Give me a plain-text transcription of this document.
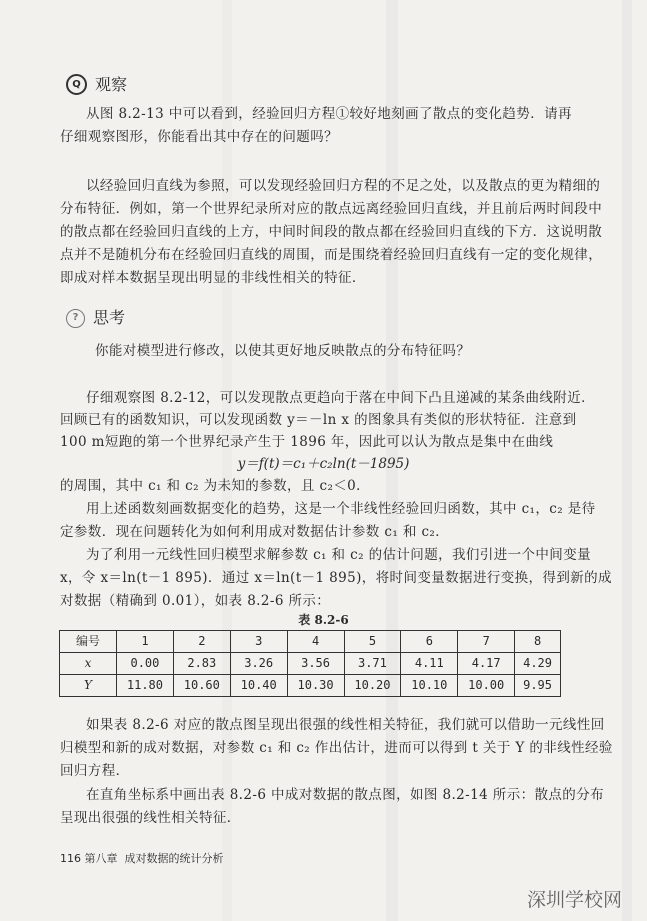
Q 观察
从图 8.2-13 中可以看到，经验回归方程①较好地刻画了散点的变化趋势．请再
仔细观察图形，你能看出其中存在的问题吗？
以经验回归直线为参照，可以发现经验回归方程的不足之处，以及散点的更为精细的
分布特征．例如，第一个世界纪录所对应的散点远离经验回归直线，并且前后两时间段中
的散点都在经验回归直线的上方，中间时间段的散点都在经验回归直线的下方．这说明散
点并不是随机分布在经验回归直线的周围，而是围绕着经验回归直线有一定的变化规律，
即成对样本数据呈现出明显的非线性相关的特征．
? 思考
你能对模型进行修改，以使其更好地反映散点的分布特征吗？
仔细观察图 8.2-12，可以发现散点更趋向于落在中间下凸且递减的某条曲线附近．
回顾已有的函数知识，可以发现函数 y＝－ln x 的图象具有类似的形状特征．注意到
100 m短跑的第一个世界纪录产生于 1896 年，因此可以认为散点是集中在曲线
y＝f(t)＝c₁＋c₂ln(t－1895)
的周围，其中 c₁ 和 c₂ 为未知的参数，且 c₂＜0．
用上述函数刻画数据变化的趋势，这是一个非线性经验回归函数，其中 c₁，c₂ 是待
定参数．现在问题转化为如何利用成对数据估计参数 c₁ 和 c₂．
为了利用一元线性回归模型求解参数 c₁ 和 c₂ 的估计问题，我们引进一个中间变量
x，令 x＝ln(t－1 895)．通过 x＝ln(t－1 895)，将时间变量数据进行变换，得到新的成
对数据（精确到 0.01），如表 8.2-6 所示：
表 8.2-6
编号	1	2	3	4	5	6	7	8
x	0.00	2.83	3.26	3.56	3.71	4.11	4.17	4.29
Y	11.80	10.60	10.40	10.30	10.20	10.10	10.00	9.95
如果表 8.2-6 对应的散点图呈现出很强的线性相关特征，我们就可以借助一元线性回
归模型和新的成对数据，对参数 c₁ 和 c₂ 作出估计，进而可以得到 t 关于 Y 的非线性经验
回归方程．
在直角坐标系中画出表 8.2-6 中成对数据的散点图，如图 8.2-14 所示：散点的分布
呈现出很强的线性相关特征．
116 第八章 成对数据的统计分析
深圳学校网
